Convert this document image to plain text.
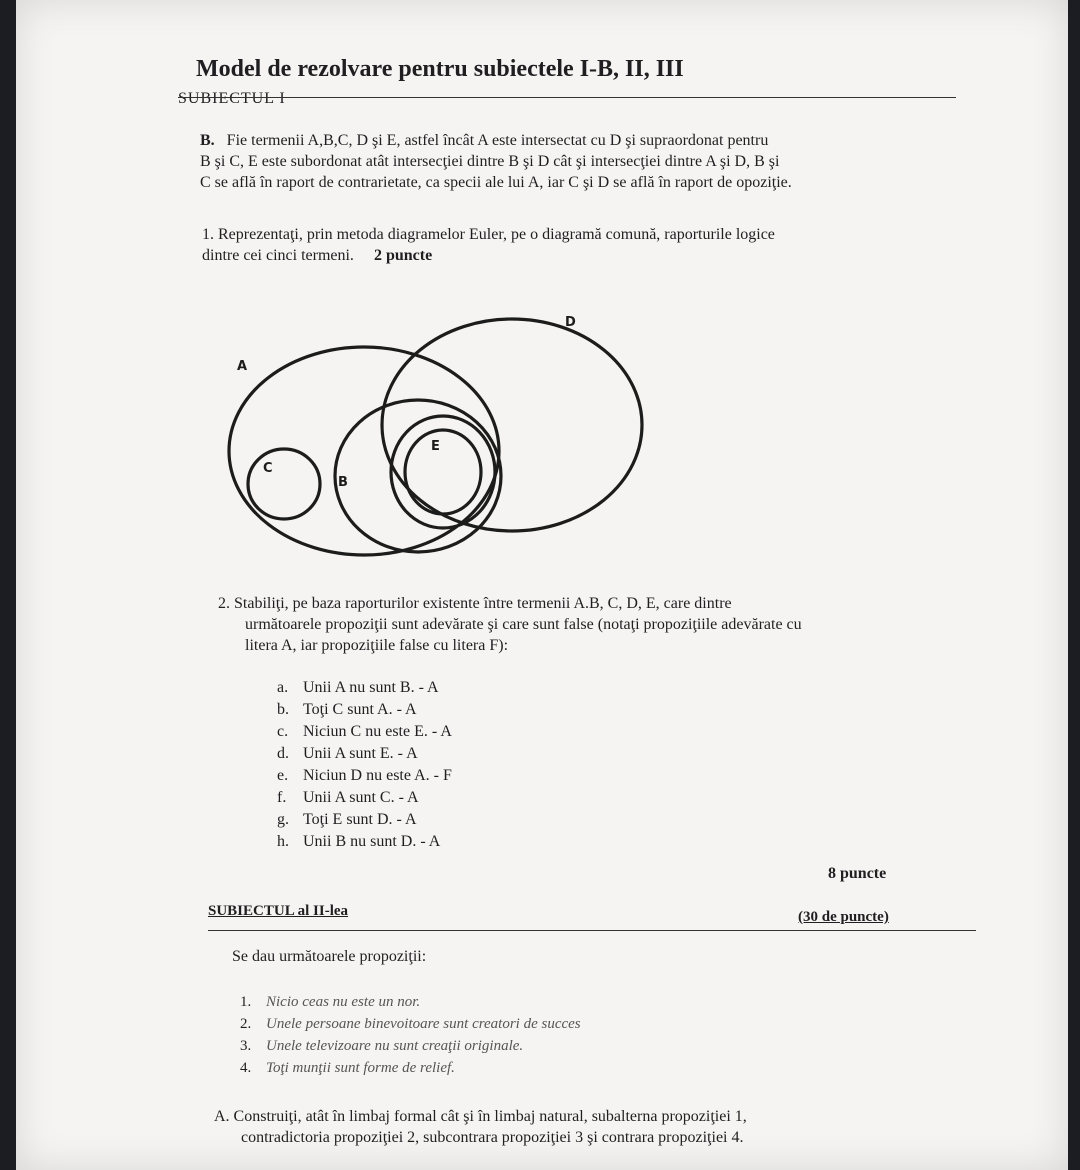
Model de rezolvare pentru subiectele I-B, II, III
SUBIECTUL I
B. Fie termenii A,B,C, D şi E, astfel încât A este intersectat cu D şi supraordonat pentru
B şi C, E este subordonat atât intersecţiei dintre B şi D cât şi intersecţiei dintre A şi D, B şi
C se află în raport de contrarietate, ca specii ale lui A, iar C şi D se află în raport de opoziţie.
1. Reprezentaţi, prin metoda diagramelor Euler, pe o diagramă comună, raporturile logice
dintre cei cinci termeni. 2 puncte
A
D
C
B
E
2. Stabiliţi, pe baza raporturilor existente între termenii A.B, C, D, E, care dintre
următoarele propoziţii sunt adevărate şi care sunt false (notaţi propoziţiile adevărate cu
litera A, iar propoziţiile false cu litera F):
a. Unii A nu sunt B. - A
b. Toţi C sunt A. - A
c. Niciun C nu este E. - A
d. Unii A sunt E. - A
e. Niciun D nu este A. - F
f.	Unii A sunt C. - A
g. Toţi E sunt D. - A
h. Unii B nu sunt D. - A
8 puncte
SUBIECTUL al II-lea	(30 de puncte)
Se dau următoarele propoziţii:
1. Nicio ceas nu este un nor.
2. Unele persoane binevoitoare sunt creatori de succes
3. Unele televizoare nu sunt creaţii originale.
4. Toţi munţii sunt forme de relief.
A. Construiţi, atât în limbaj formal cât şi în limbaj natural, subalterna propoziţiei 1,
contradictoria propoziţiei 2, subcontrara propoziţiei 3 şi contrara propoziţiei 4.
